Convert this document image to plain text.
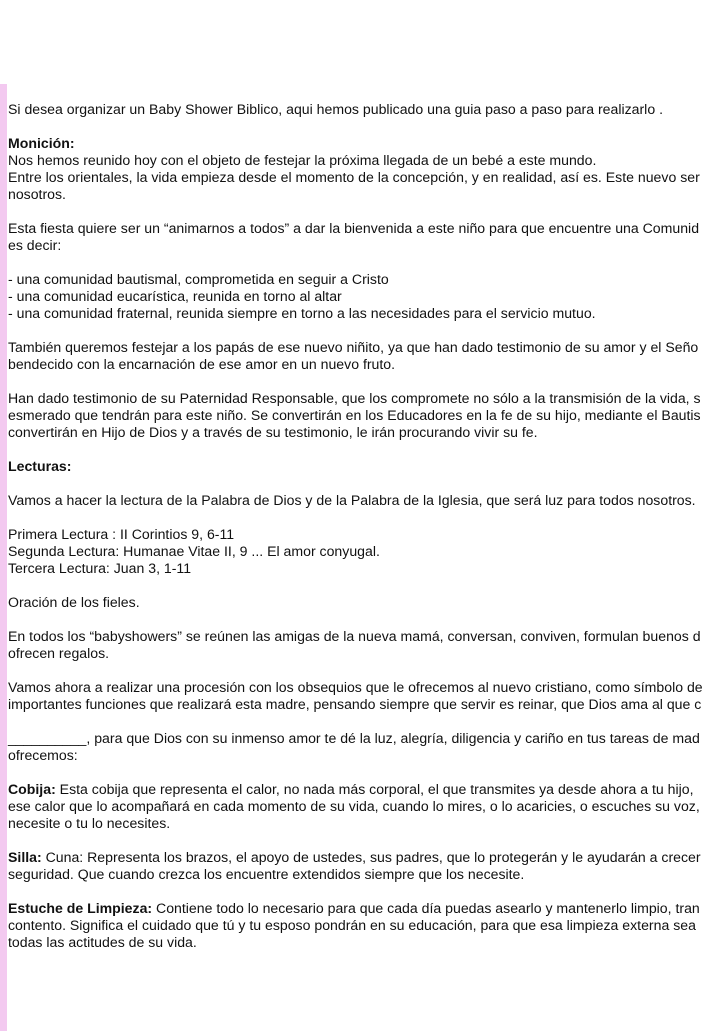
Si desea organizar un Baby Shower Biblico, aqui hemos publicado una guia paso a paso para realizarlo .
Monición:
Nos hemos reunido hoy con el objeto de festejar la próxima llegada de un bebé a este mundo.
Entre los orientales, la vida empieza desde el momento de la concepción, y en realidad, así es. Este nuevo ser
nosotros.
Esta fiesta quiere ser un “animarnos a todos” a dar la bienvenida a este niño para que encuentre una Comunid
es decir:
- una comunidad bautismal, comprometida en seguir a Cristo
- una comunidad eucarística, reunida en torno al altar
- una comunidad fraternal, reunida siempre en torno a las necesidades para el servicio mutuo.
También queremos festejar a los papás de ese nuevo niñito, ya que han dado testimonio de su amor y el Seño
bendecido con la encarnación de ese amor en un nuevo fruto.
Han dado testimonio de su Paternidad Responsable, que los compromete no sólo a la transmisión de la vida, s
esmerado que tendrán para este niño. Se convertirán en los Educadores en la fe de su hijo, mediante el Bautis
convertirán en Hijo de Dios y a través de su testimonio, le irán procurando vivir su fe.
Lecturas:
Vamos a hacer la lectura de la Palabra de Dios y de la Palabra de la Iglesia, que será luz para todos nosotros.
Primera Lectura : II Corintios 9, 6-11
Segunda Lectura: Humanae Vitae II, 9 ... El amor conyugal.
Tercera Lectura: Juan 3, 1-11
Oración de los fieles.
En todos los “babyshowers” se reúnen las amigas de la nueva mamá, conversan, conviven, formulan buenos d
ofrecen regalos.
Vamos ahora a realizar una procesión con los obsequios que le ofrecemos al nuevo cristiano, como símbolo de
importantes funciones que realizará esta madre, pensando siempre que servir es reinar, que Dios ama al que c
__________, para que Dios con su inmenso amor te dé la luz, alegría, diligencia y cariño en tus tareas de mad
ofrecemos:
Cobija: Esta cobija que representa el calor, no nada más corporal, el que transmites ya desde ahora a tu hijo,
ese calor que lo acompañará en cada momento de su vida, cuando lo mires, o lo acaricies, o escuches su voz,
necesite o tu lo necesites.
Silla: Cuna: Representa los brazos, el apoyo de ustedes, sus padres, que lo protegerán y le ayudarán a crecer
seguridad. Que cuando crezca los encuentre extendidos siempre que los necesite.
Estuche de Limpieza: Contiene todo lo necesario para que cada día puedas asearlo y mantenerlo limpio, tran
contento. Significa el cuidado que tú y tu esposo pondrán en su educación, para que esa limpieza externa sea
todas las actitudes de su vida.
